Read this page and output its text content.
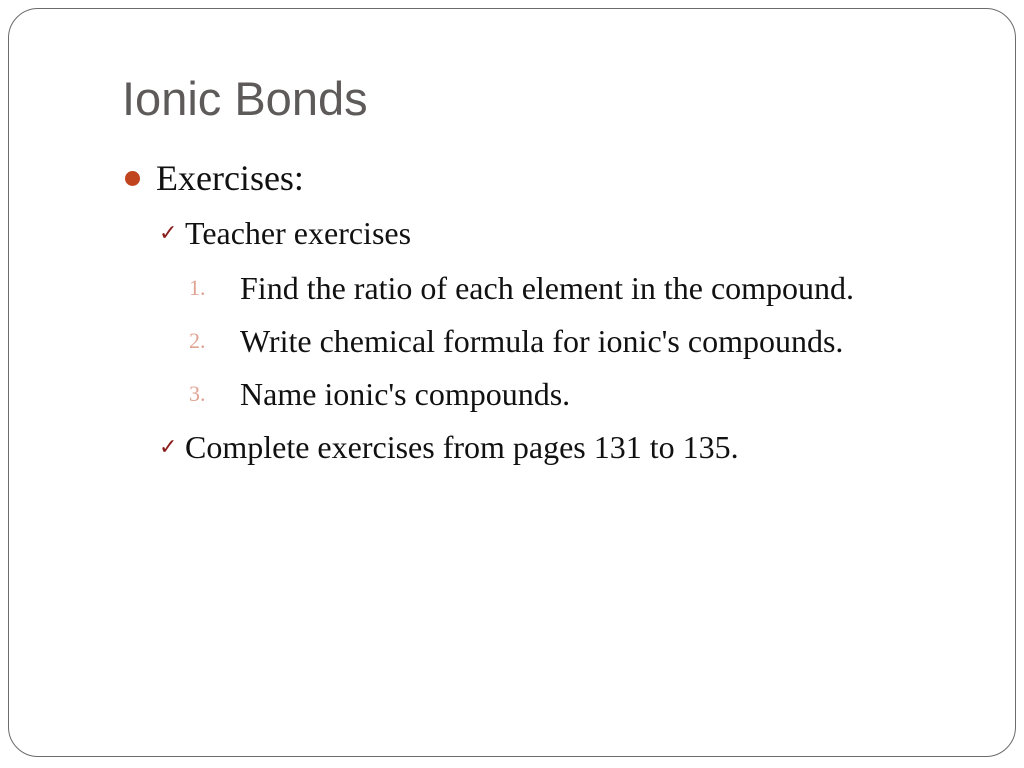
Ionic Bonds
Exercises:
✓ Teacher exercises
1.	Find the ratio of each element in the compound.
2.	Write chemical formula for ionic's compounds.
3.	Name ionic's compounds.
✓ Complete exercises from pages 131 to 135.
